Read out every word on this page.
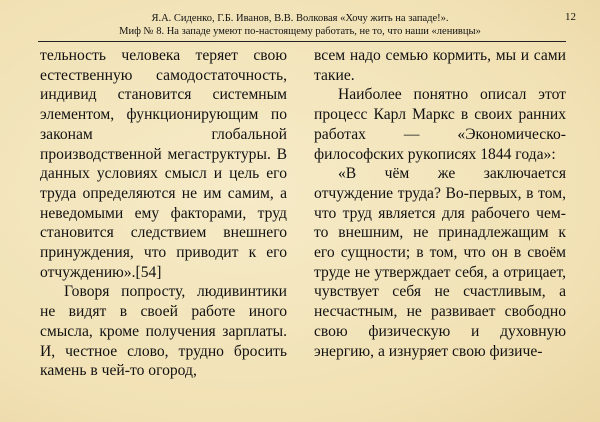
Я.А. Сиденко, Г.Б. Иванов, В.В. Волковая «Хочу жить на западе!».
Миф № 8. На западе умеют по-настоящему работать, не то, что наши «ленивцы»
12

тельность человека теряет свою естественную самодостаточность, индивид становится системным элементом, функционирующим по законам глобальной производственной мегаструктуры. В данных условиях смысл и цель его труда определяются не им самим, а неведомыми ему факторами, труд становится следствием внешнего принуждения, что приводит к его отчуждению».[54]

Говоря попросту, людивинтики не видят в своей работе иного смысла, кроме получения зарплаты. И, честное слово, трудно бросить камень в чей-то огород,

всем надо семью кормить, мы и сами такие.

Наиболее понятно описал этот процесс Карл Маркс в своих ранних работах — «Экономическо-философских рукописях 1844 года»:

«В чём же заключается отчуждение труда? Во-первых, в том, что труд является для рабочего чем-то внешним, не принадлежащим к его сущности; в том, что он в своём труде не утверждает себя, а отрицает, чувствует себя не счастливым, а несчастным, не развивает свободно свою физическую и духовную энергию, а изнуряет свою физиче-
